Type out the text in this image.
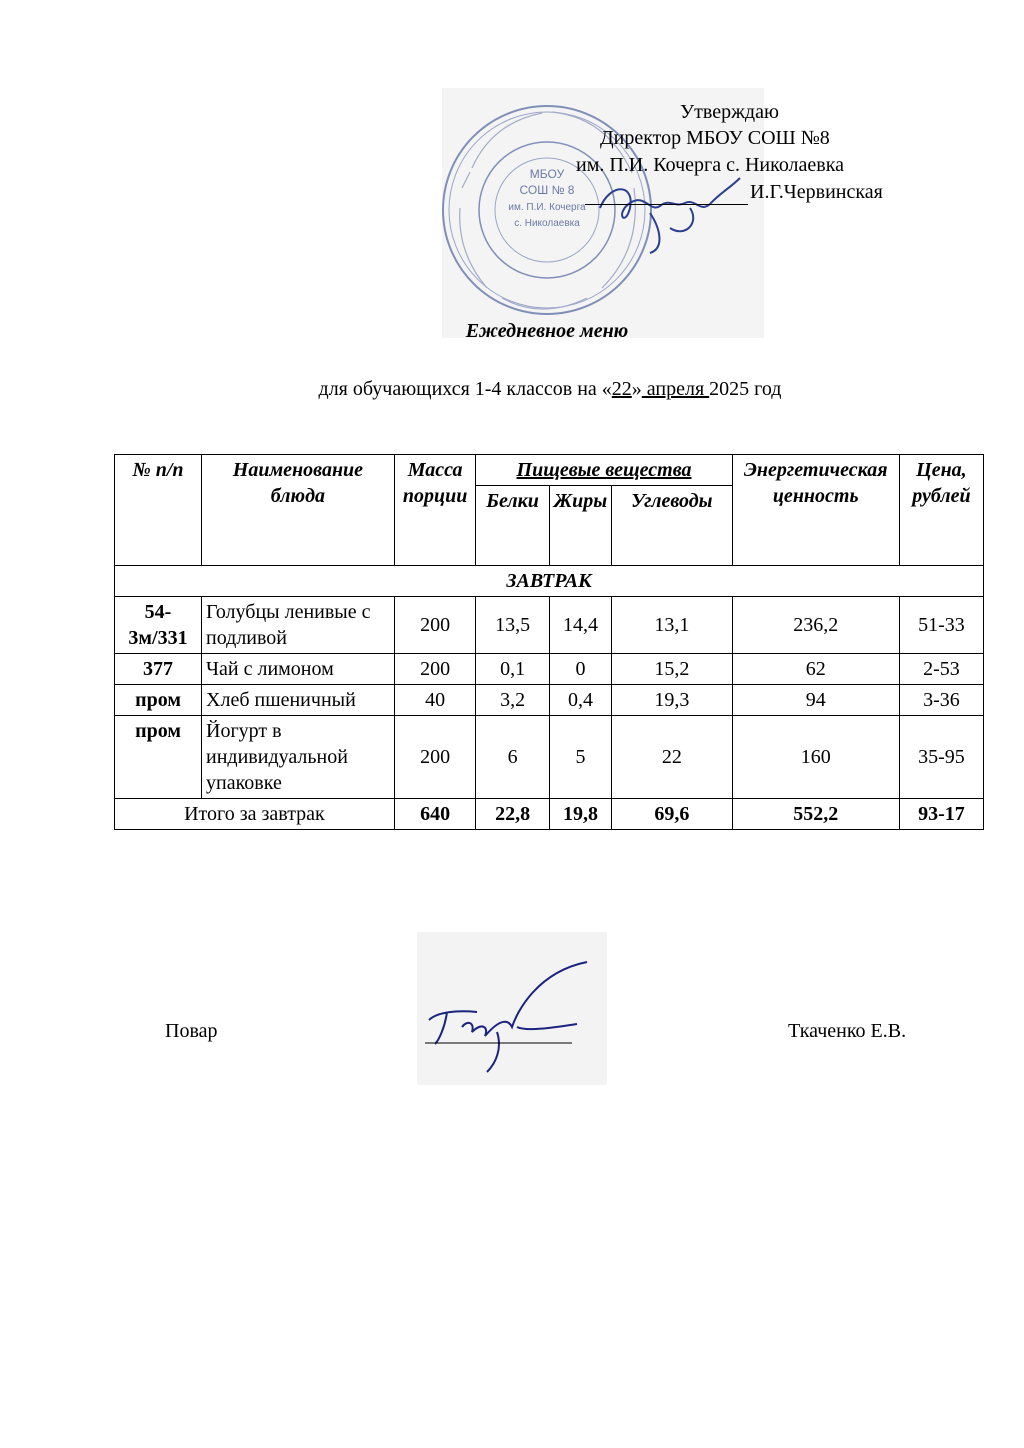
МБОУ
СОШ № 8
им. П.И. Кочерга
с. Николаевка
Утверждаю
Директор МБОУ СОШ №8
им. П.И. Кочерга с. Николаевка
И.Г.Червинская
Ежедневное меню
для обучающихся 1-4 классов на «22» апреля 2025 год
№ п/п	Наименование блюда	Масса порции	Пищевые вещества			Энергетическая ценность	Цена, рублей
			Белки	Жиры	Углеводы		
ЗАВТРАК							
54-3м/331	Голубцы ленивые с подливой	200	13,5	14,4	13,1	236,2	51-33
377	Чай с лимоном	200	0,1	0	15,2	62	2-53
пром	Хлеб пшеничный	40	3,2	0,4	19,3	94	3-36
пром	Йогурт в индивидуальной упаковке	200	6	5	22	160	35-95
Итого за завтрак		640	22,8	19,8	69,6	552,2	93-17
Повар	Ткаченко Е.В.
